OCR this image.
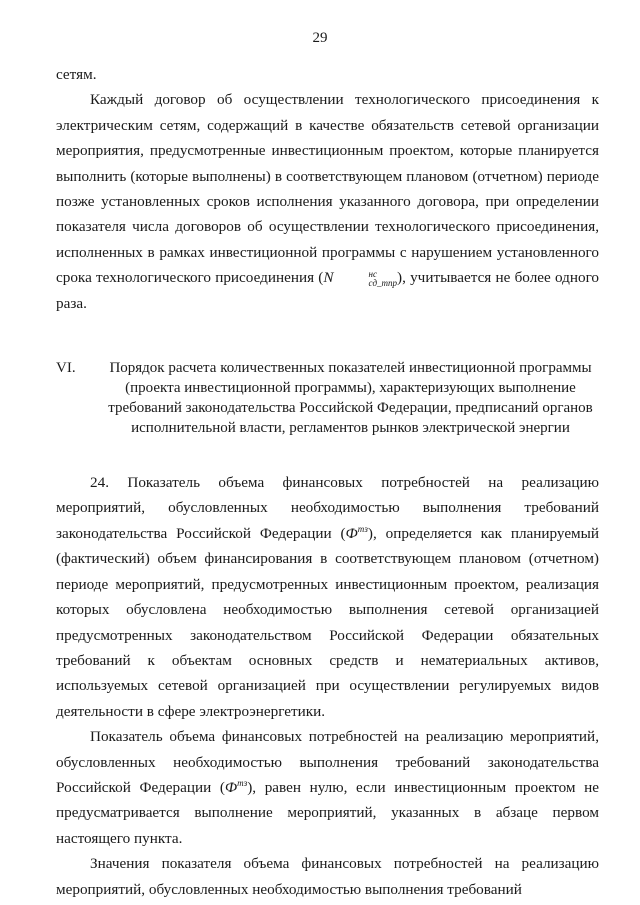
29

сетям.

Каждый договор об осуществлении технологического присоединения к электрическим сетям, содержащий в качестве обязательств сетевой организации мероприятия, предусмотренные инвестиционным проектом, которые планируется выполнить (которые выполнены) в соответствующем плановом (отчетном) периоде позже установленных сроков исполнения указанного договора, при определении показателя числа договоров об осуществлении технологического присоединения, исполненных в рамках инвестиционной программы с нарушением установленного срока технологического присоединения (N	нс
сд_тпр ), учитывается не более одного раза.

VI.	Порядок расчета количественных показателей инвестиционной программы
(проекта инвестиционной программы), характеризующих выполнение
требований законодательства Российской Федерации, предписаний органов
исполнительной власти, регламентов рынков электрической энергии

24. Показатель объема финансовых потребностей на реализацию мероприятий, обусловленных необходимостью выполнения требований законодательства Российской Федерации $(Ф^{тз})$, определяется как планируемый (фактический) объем финансирования в соответствующем плановом (отчетном) периоде мероприятий, предусмотренных инвестиционным проектом, реализация которых обусловлена необходимостью выполнения сетевой организацией предусмотренных законодательством Российской Федерации обязательных требований к объектам основных средств и нематериальных активов, используемых сетевой организацией при осуществлении регулируемых видов деятельности в сфере электроэнергетики.

Показатель объема финансовых потребностей на реализацию мероприятий, обусловленных необходимостью выполнения требований законодательства Российской Федерации $(Ф^{тз})$, равен нулю, если инвестиционным проектом не предусматривается выполнение мероприятий, указанных в абзаце первом настоящего пункта.

Значения показателя объема финансовых потребностей на реализацию мероприятий, обусловленных необходимостью выполнения требований
